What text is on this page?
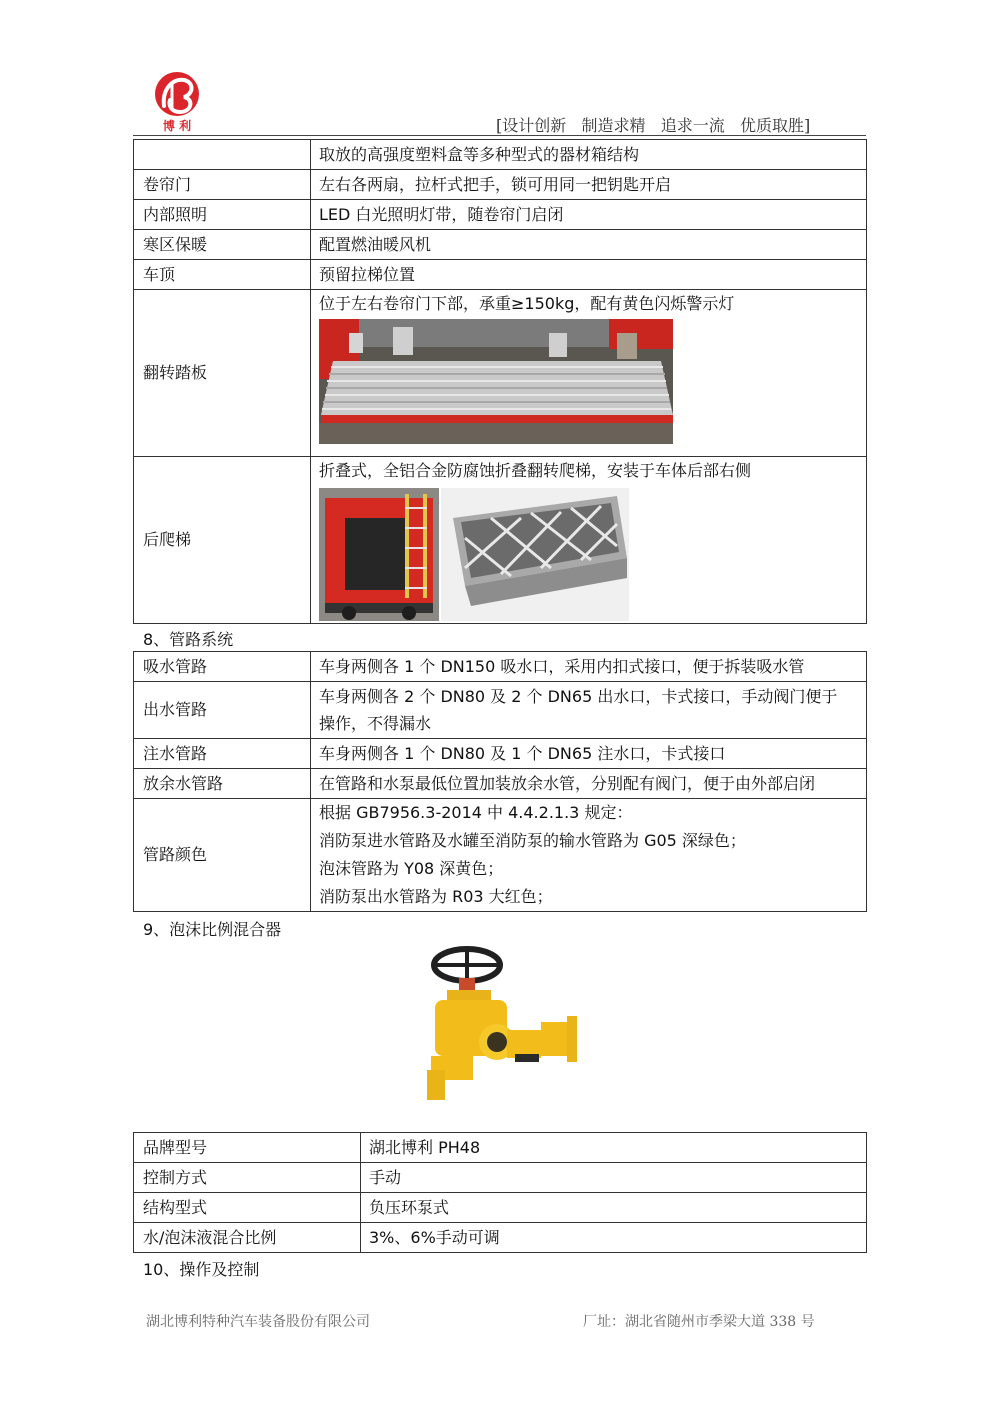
博 利	[设计创新   制造求精   追求一流   优质取胜]
	取放的高强度塑料盒等多种型式的器材箱结构
卷帘门	左右各两扇，拉杆式把手，锁可用同一把钥匙开启
内部照明	LED 白光照明灯带，随卷帘门启闭
寒区保暖	配置燃油暖风机
车顶	预留拉梯位置
翻转踏板	位于左右卷帘门下部，承重≥150kg，配有黄色闪烁警示灯

后爬梯	折叠式，全铝合金防腐蚀折叠翻转爬梯，安装于车体后部右侧
8、管路系统
吸水管路	车身两侧各 1 个 DN150 吸水口，采用内扣式接口，便于拆装吸水管
出水管路	车身两侧各 2 个 DN80 及 2 个 DN65 出水口，卡式接口，手动阀门便于
操作，不得漏水

注水管路	车身两侧各 1 个 DN80 及 1 个 DN65 注水口，卡式接口
放余水管路	在管路和水泵最低位置加装放余水管，分别配有阀门，便于由外部启闭
管路颜色	根据 GB7956.3-2014 中 4.4.2.1.3 规定：
消防泵进水管路及水罐至消防泵的输水管路为 G05 深绿色；
泡沫管路为 Y08 深黄色；
消防泵出水管路为 R03 大红色；
9、泡沫比例混合器
品牌型号	湖北博利 PH48
控制方式	手动
结构型式	负压环泵式
水/泡沫液混合比例	3%、6%手动可调
10、操作及控制
湖北博利特种汽车装备股份有限公司	厂址：湖北省随州市季梁大道 338 号
